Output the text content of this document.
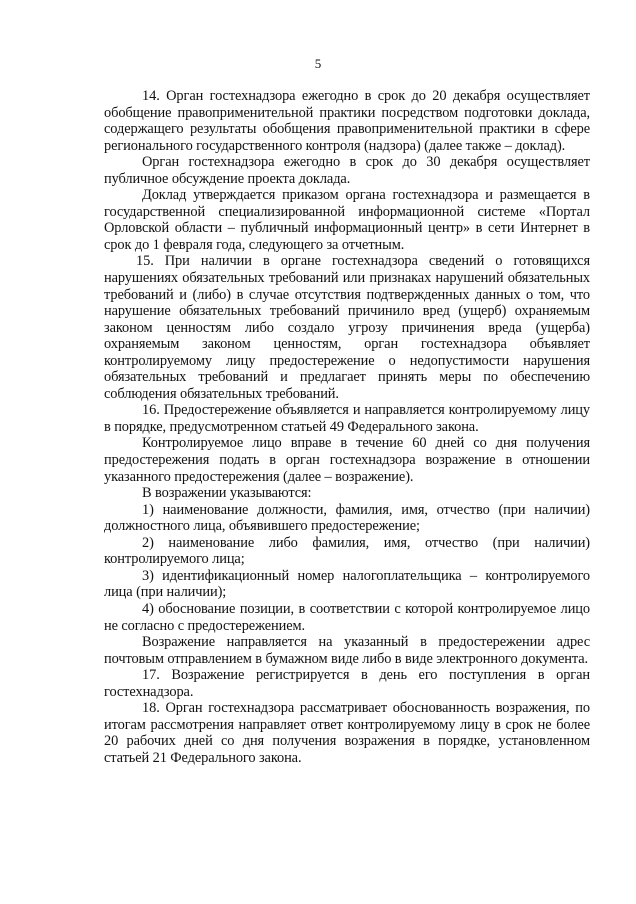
5

14. Орган гостехнадзора ежегодно в срок до 20 декабря осуществляет обобщение правоприменительной практики посредством подготовки доклада, содержащего результаты обобщения правоприменительной практики в сфере регионального государственного контроля (надзора) (далее также – доклад).

Орган гостехнадзора ежегодно в срок до 30 декабря осуществляет публичное обсуждение проекта доклада.

Доклад утверждается приказом органа гостехнадзора и размещается в государственной специализированной информационной системе «Портал Орловской области – публичный информационный центр» в сети Интернет в срок до 1 февраля года, следующего за отчетным.

15. При наличии в органе гостехнадзора сведений о готовящихся нарушениях обязательных требований или признаках нарушений обязательных требований и (либо) в случае отсутствия подтвержденных данных о том, что нарушение обязательных требований причинило вред (ущерб) охраняемым законом ценностям либо создало угрозу причинения вреда (ущерба) охраняемым законом ценностям, орган гостехнадзора объявляет контролируемому лицу предостережение о недопустимости нарушения обязательных требований и предлагает принять меры по обеспечению соблюдения обязательных требований.

16. Предостережение объявляется и направляется контролируемому лицу в порядке, предусмотренном статьей 49 Федерального закона.

Контролируемое лицо вправе в течение 60 дней со дня получения предостережения подать в орган гостехнадзора возражение в отношении указанного предостережения (далее – возражение).

В возражении указываются:

1) наименование должности, фамилия, имя, отчество (при наличии) должностного лица, объявившего предостережение;

2) наименование либо фамилия, имя, отчество (при наличии) контролируемого лица;

3) идентификационный номер налогоплательщика – контролируемого лица (при наличии);

4) обоснование позиции, в соответствии с которой контролируемое лицо не согласно с предостережением.

Возражение направляется на указанный в предостережении адрес почтовым отправлением в бумажном виде либо в виде электронного документа.

17. Возражение регистрируется в день его поступления в орган гостехнадзора.

18. Орган гостехнадзора рассматривает обоснованность возражения, по итогам рассмотрения направляет ответ контролируемому лицу в срок не более 20 рабочих дней со дня получения возражения в порядке, установленном статьей 21 Федерального закона.
